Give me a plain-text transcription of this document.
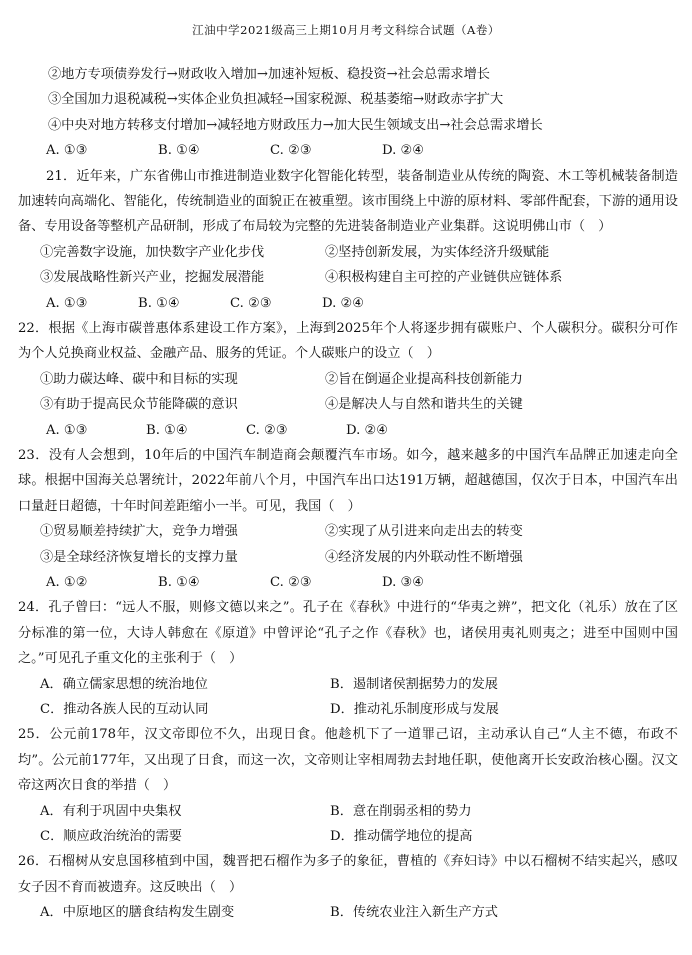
江油中学2021级高三上期10月月考文科综合试题（A卷）
②地方专项债券发行→财政收入增加→加速补短板、稳投资→社会总需求增长
③全国加力退税减税→实体企业负担减轻→国家税源、税基萎缩→财政赤字扩大
④中央对地方转移支付增加→减轻地方财政压力→加大民生领域支出→社会总需求增长
A. ①③	B. ①④	C. ②③	D. ②④
21．近年来，广东省佛山市推进制造业数字化智能化转型，装备制造业从传统的陶瓷、木工等机械装备制造加速转向高端化、智能化，传统制造业的面貌正在被重塑。该市围绕上中游的原材料、零部件配套，下游的通用设备、专用设备等整机产品研制，形成了布局较为完整的先进装备制造业产业集群。这说明佛山市（　）
①完善数字设施，加快数字产业化步伐	②坚持创新发展，为实体经济升级赋能
③发展战略性新兴产业，挖掘发展潜能	④积极构建自主可控的产业链供应链体系
A. ①③	B. ①④	C. ②③	D. ②④
22．根据《上海市碳普惠体系建设工作方案》，上海到2025年个人将逐步拥有碳账户、个人碳积分。碳积分可作为个人兑换商业权益、金融产品、服务的凭证。个人碳账户的设立（　）
①助力碳达峰、碳中和目标的实现	②旨在倒逼企业提高科技创新能力
③有助于提高民众节能降碳的意识	④是解决人与自然和谐共生的关键
A. ①③	B. ①④	C. ②③	D. ②④
23．没有人会想到，10年后的中国汽车制造商会颠覆汽车市场。如今，越来越多的中国汽车品牌正加速走向全球。根据中国海关总署统计，2022年前八个月，中国汽车出口达191万辆，超越德国，仅次于日本，中国汽车出口量赶日超德，十年时间差距缩小一半。可见，我国（　）
①贸易顺差持续扩大，竞争力增强	②实现了从引进来向走出去的转变
③是全球经济恢复增长的支撑力量	④经济发展的内外联动性不断增强
A. ①②	B. ①④	C. ②③	D. ③④
24．孔子曾曰：“远人不服，则修文德以来之”。孔子在《春秋》中进行的“华夷之辨”，把文化（礼乐）放在了区分标准的第一位，大诗人韩愈在《原道》中曾评论“孔子之作《春秋》也，诸侯用夷礼则夷之；进至中国则中国之。”可见孔子重文化的主张利于（　）
A．确立儒家思想的统治地位	B．遏制诸侯割据势力的发展
C．推动各族人民的互动认同	D．推动礼乐制度形成与发展
25．公元前178年，汉文帝即位不久，出现日食。他趁机下了一道罪己诏，主动承认自己“人主不德，布政不均”。公元前177年，又出现了日食，而这一次，文帝则让宰相周勃去封地任职，使他离开长安政治核心圈。汉文帝这两次日食的举措（　）
A．有利于巩固中央集权	B．意在削弱丞相的势力
C．顺应政治统治的需要	D．推动儒学地位的提高
26．石榴树从安息国移植到中国，魏晋把石榴作为多子的象征，曹植的《弃妇诗》中以石榴树不结实起兴，感叹女子因不育而被遗弃。这反映出（　）
A．中原地区的膳食结构发生剧变	B．传统农业注入新生产方式
